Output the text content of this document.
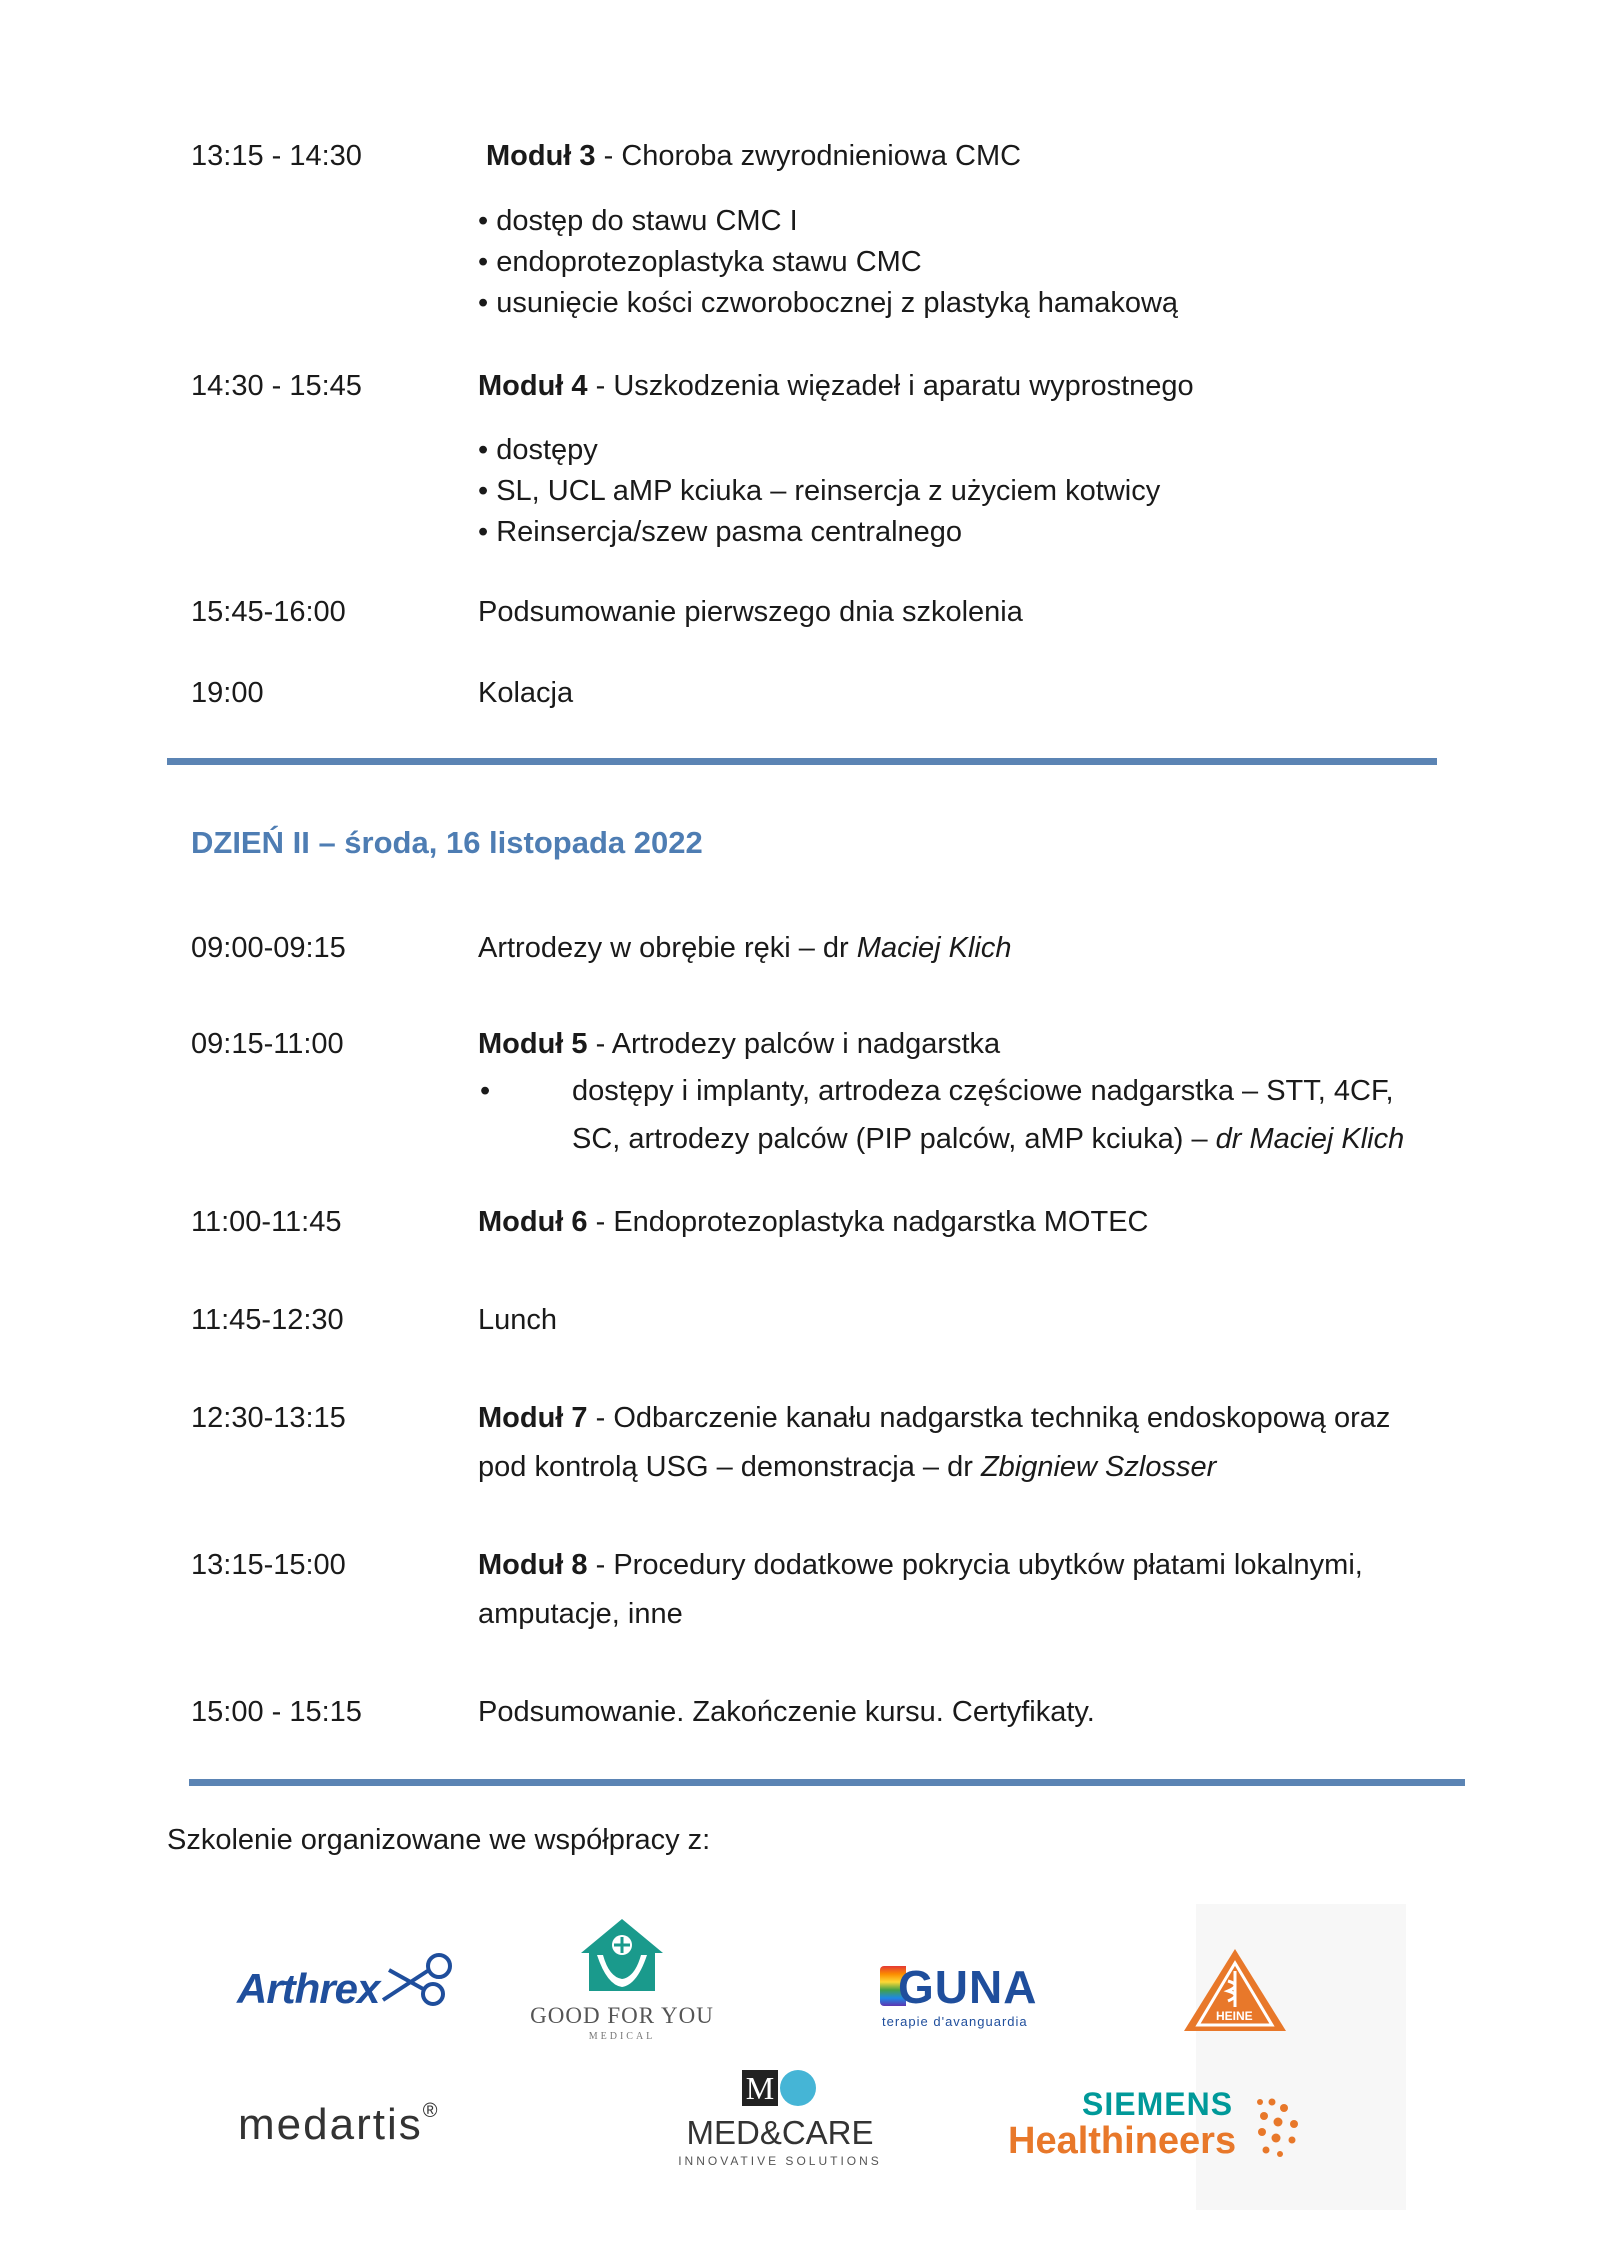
13:15 - 14:30	Moduł 3 - Choroba zwyrodnieniowa CMC
• dostęp do stawu CMC I
• endoprotezoplastyka stawu CMC
• usunięcie kości czworobocznej z plastyką hamakową
14:30 - 15:45	Moduł 4 - Uszkodzenia więzadeł i aparatu wyprostnego
• dostępy
• SL, UCL aMP kciuka – reinsercja z użyciem kotwicy
• Reinsercja/szew pasma centralnego
15:45-16:00	Podsumowanie pierwszego dnia szkolenia
19:00	Kolacja
DZIEŃ II – środa, 16 listopada 2022
09:00-09:15	Artrodezy w obrębie ręki – dr Maciej Klich
09:15-11:00	Moduł 5 - Artrodezy palców i nadgarstka
•	dostępy i implanty, artrodeza częściowe nadgarstka – STT, 4CF,
SC, artrodezy palców (PIP palców, aMP kciuka) – dr Maciej Klich
11:00-11:45	Moduł 6 - Endoprotezoplastyka nadgarstka MOTEC
11:45-12:30	Lunch
12:30-13:15	Moduł 7 - Odbarczenie kanału nadgarstka techniką endoskopową oraz
pod kontrolą USG – demonstracja – dr Zbigniew Szlosser
13:15-15:00	Moduł 8 - Procedury dodatkowe pokrycia ubytków płatami lokalnymi,
amputacje, inne
15:00 - 15:15	Podsumowanie. Zakończenie kursu. Certyfikaty.
Szkolenie organizowane we współpracy z:
Arthrex
GOOD FOR YOU
MEDICAL
GUNA
terapie d'avanguardia	HEINE
medartis®
M
MED&CARE
INNOVATIVE SOLUTIONS
SIEMENS
Healthineers
